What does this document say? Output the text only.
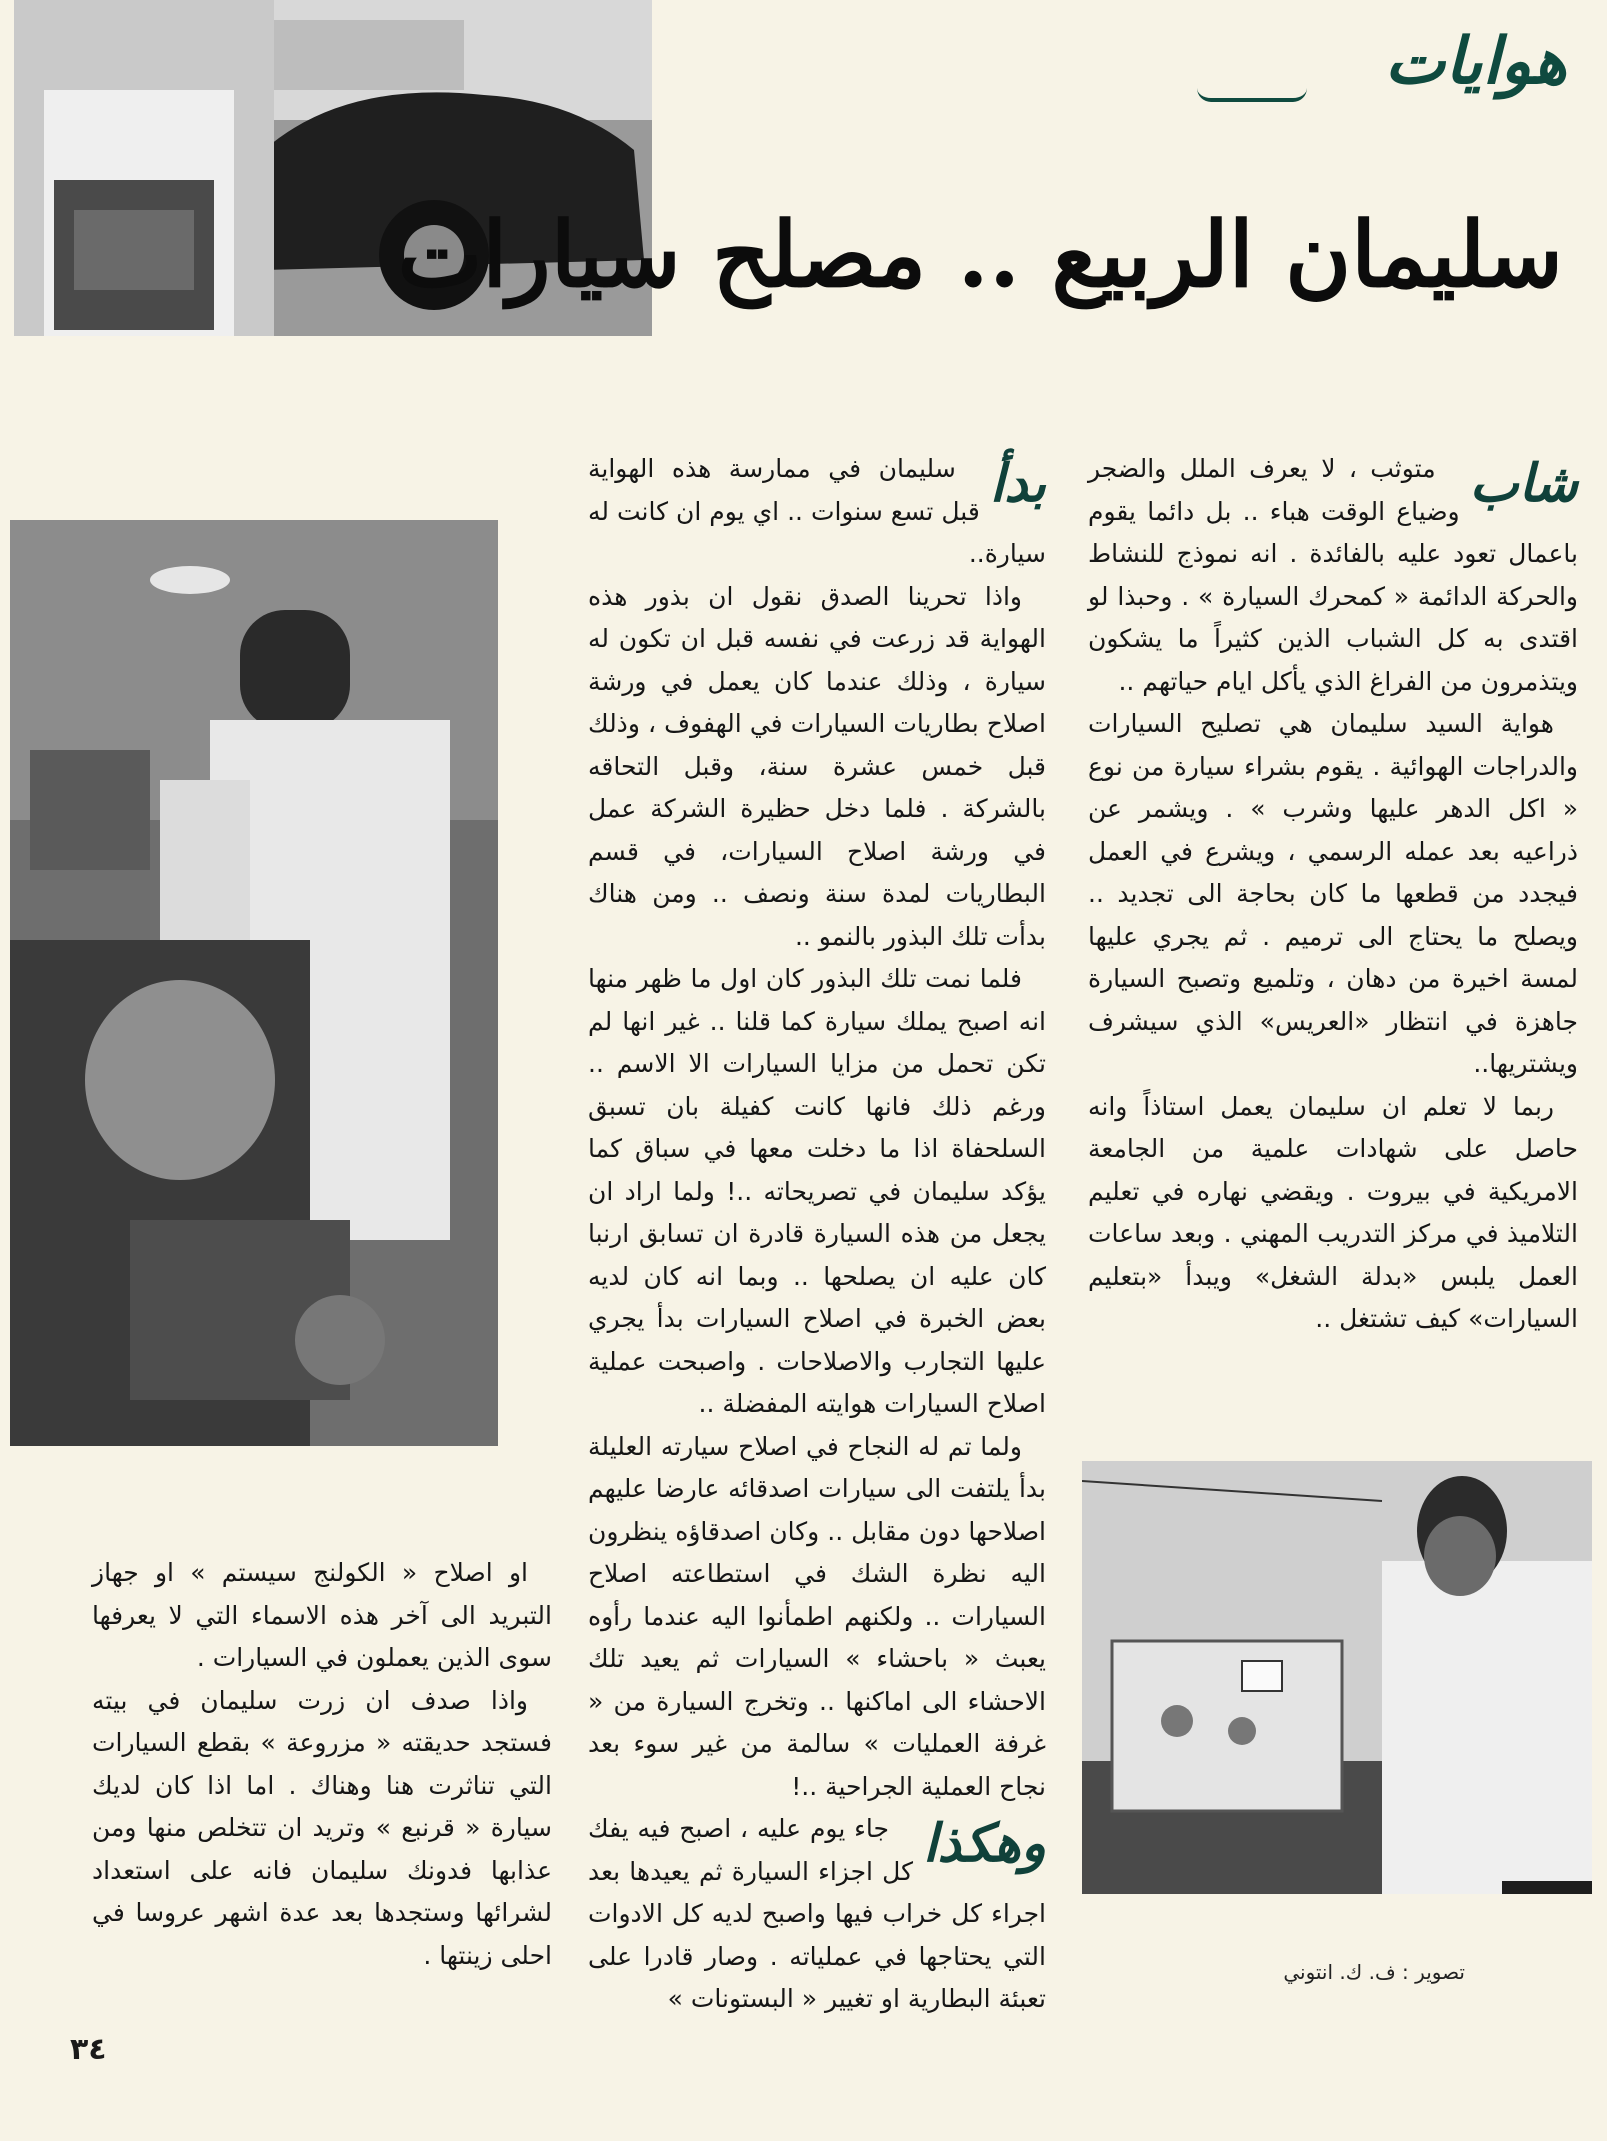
هوايات
سليمان الربيع .. مصلح سيارات
تصوير : ف. ك. انتوني
شاب

متوثب ، لا يعرف الملل والضجر وضياع الوقت هباء .. بل دائما يقوم باعمال تعود عليه بالفائدة . انه نموذج للنشاط والحركة الدائمة « كمحرك السيارة » . وحبذا لو اقتدى به كل الشباب الذين كثيراً ما يشكون ويتذمرون من الفراغ الذي يأكل ايام حياتهم ..

هواية السيد سليمان هي تصليح السيارات والدراجات الهوائية . يقوم بشراء سيارة من نوع « اكل الدهر عليها وشرب » . ويشمر عن ذراعيه بعد عمله الرسمي ، ويشرع في العمل فيجدد من قطعها ما كان بحاجة الى تجديد .. ويصلح ما يحتاج الى ترميم . ثم يجري عليها لمسة اخيرة من دهان ، وتلميع وتصبح السيارة جاهزة في انتظار «العريس» الذي سيشرف ويشتريها..

ربما لا تعلم ان سليمان يعمل استاذاً وانه حاصل على شهادات علمية من الجامعة الامريكية في بيروت . ويقضي نهاره في تعليم التلاميذ في مركز التدريب المهني . وبعد ساعات العمل يلبس «بدلة الشغل» ويبدأ «بتعليم السيارات» كيف تشتغل ..

بدأ

سليمان في ممارسة هذه الهواية قبل تسع سنوات .. اي يوم ان كانت له سيارة..

واذا تحرينا الصدق نقول ان بذور هذه الهواية قد زرعت في نفسه قبل ان تكون له سيارة ، وذلك عندما كان يعمل في ورشة اصلاح بطاريات السيارات في الهفوف ، وذلك قبل خمس عشرة سنة، وقبل التحاقه بالشركة . فلما دخل حظيرة الشركة عمل في ورشة اصلاح السيارات، في قسم البطاريات لمدة سنة ونصف .. ومن هناك بدأت تلك البذور بالنمو ..

فلما نمت تلك البذور كان اول ما ظهر منها انه اصبح يملك سيارة كما قلنا .. غير انها لم تكن تحمل من مزايا السيارات الا الاسم .. ورغم ذلك فانها كانت كفيلة بان تسبق السلحفاة اذا ما دخلت معها في سباق كما يؤكد سليمان في تصريحاته ..! ولما اراد ان يجعل من هذه السيارة قادرة ان تسابق ارنبا كان عليه ان يصلحها .. وبما انه كان لديه بعض الخبرة في اصلاح السيارات بدأ يجري عليها التجارب والاصلاحات . واصبحت عملية اصلاح السيارات هوايته المفضلة ..

ولما تم له النجاح في اصلاح سيارته العليلة بدأ يلتفت الى سيارات اصدقائه عارضا عليهم اصلاحها دون مقابل .. وكان اصدقاؤه ينظرون اليه نظرة الشك في استطاعته اصلاح السيارات .. ولكنهم اطمأنوا اليه عندما رأوه يعبث « باحشاء » السيارات ثم يعيد تلك الاحشاء الى اماكنها .. وتخرج السيارة من « غرفة العمليات » سالمة من غير سوء بعد نجاح العملية الجراحية ..!

وهكذا

جاء يوم عليه ، اصبح فيه يفك كل اجزاء السيارة ثم يعيدها بعد اجراء كل خراب فيها واصبح لديه كل الادوات التي يحتاجها في عملياته . وصار قادرا على تعبئة البطارية او تغيير « البستونات »

او اصلاح « الكولنج سيستم » او جهاز التبريد الى آخر هذه الاسماء التي لا يعرفها سوى الذين يعملون في السيارات .

واذا صدف ان زرت سليمان في بيته فستجد حديقته « مزروعة » بقطع السيارات التي تناثرت هنا وهناك . اما اذا كان لديك سيارة « قرنبع » وتريد ان تتخلص منها ومن عذابها فدونك سليمان فانه على استعداد لشرائها وستجدها بعد عدة اشهر عروسا في احلى زينتها .

٣٤
